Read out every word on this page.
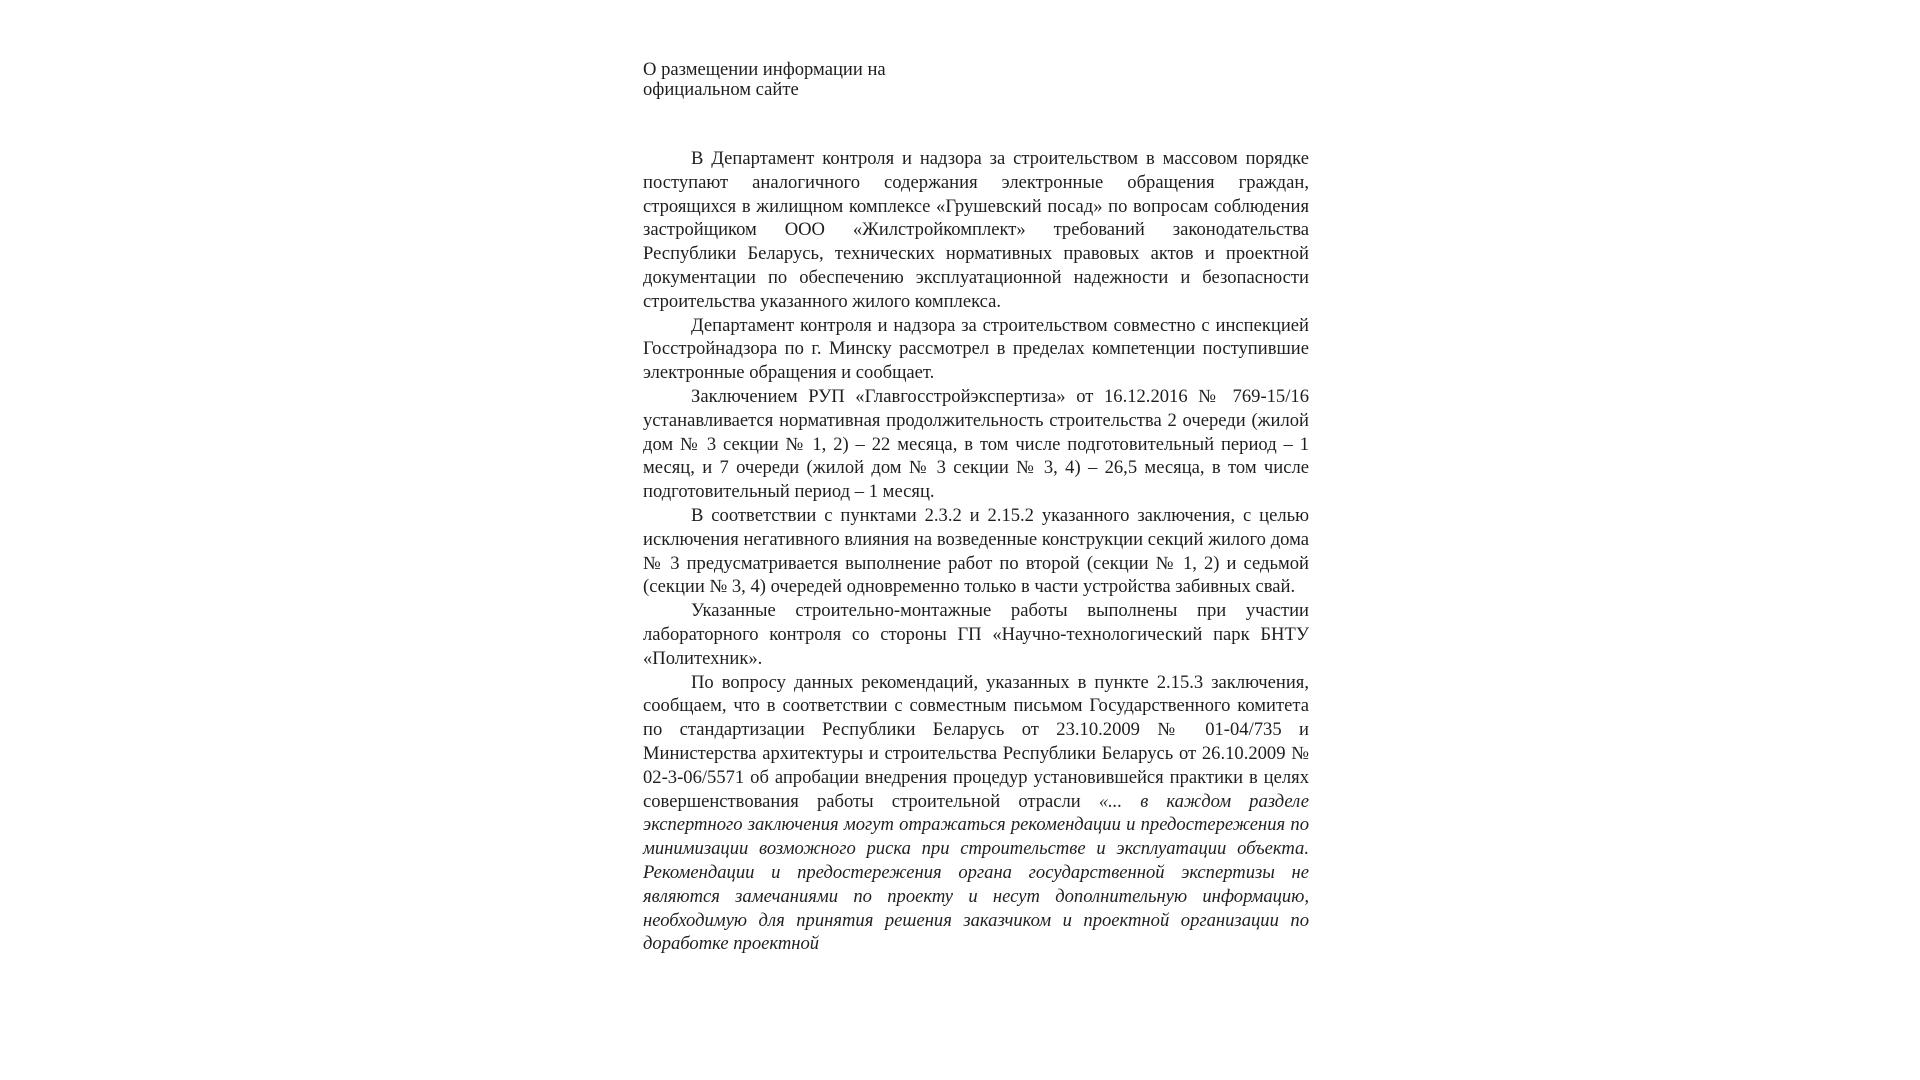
О размещении информации на официальном сайте

В Департамент контроля и надзора за строительством в массовом порядке поступают аналогичного содержания электронные обращения граждан, строящихся в жилищном комплексе «Грушевский посад» по вопросам соблюдения застройщиком ООО «Жилстройкомплект» требований законодательства Республики Беларусь, технических нормативных правовых актов и проектной документации по обеспечению эксплуатационной надежности и безопасности строительства указанного жилого комплекса.

Департамент контроля и надзора за строительством совместно с инспекцией Госстройнадзора по г. Минску рассмотрел в пределах компетенции поступившие электронные обращения и сообщает.

Заключением РУП «Главгосстройэкспертиза» от 16.12.2016 № 769-15/16 устанавливается нормативная продолжительность строительства 2 очереди (жилой дом № 3 секции № 1, 2) – 22 месяца, в том числе подготовительный период – 1 месяц, и 7 очереди (жилой дом № 3 секции № 3, 4) – 26,5 месяца, в том числе подготовительный период – 1 месяц.

В соответствии с пунктами 2.3.2 и 2.15.2 указанного заключения, с целью исключения негативного влияния на возведенные конструкции секций жилого дома № 3 предусматривается выполнение работ по второй (секции № 1, 2) и седьмой (секции № 3, 4) очередей одновременно только в части устройства забивных свай.

Указанные строительно-монтажные работы выполнены при участии лабораторного контроля со стороны ГП «Научно-технологический парк БНТУ «Политехник».

По вопросу данных рекомендаций, указанных в пункте 2.15.3 заключения, сообщаем, что в соответствии с совместным письмом Государственного комитета по стандартизации Республики Беларусь от 23.10.2009 № 01-04/735 и Министерства архитектуры и строительства Республики Беларусь от 26.10.2009 № 02-3-06/5571 об апробации внедрения процедур установившейся практики в целях совершенствования работы строительной отрасли «... в каждом разделе экспертного заключения могут отражаться рекомендации и предостережения по минимизации возможного риска при строительстве и эксплуатации объекта. Рекомендации и предостережения органа государственной экспертизы не являются замечаниями по проекту и несут дополнительную информацию, необходимую для принятия решения заказчиком и проектной организации по доработке проектной
